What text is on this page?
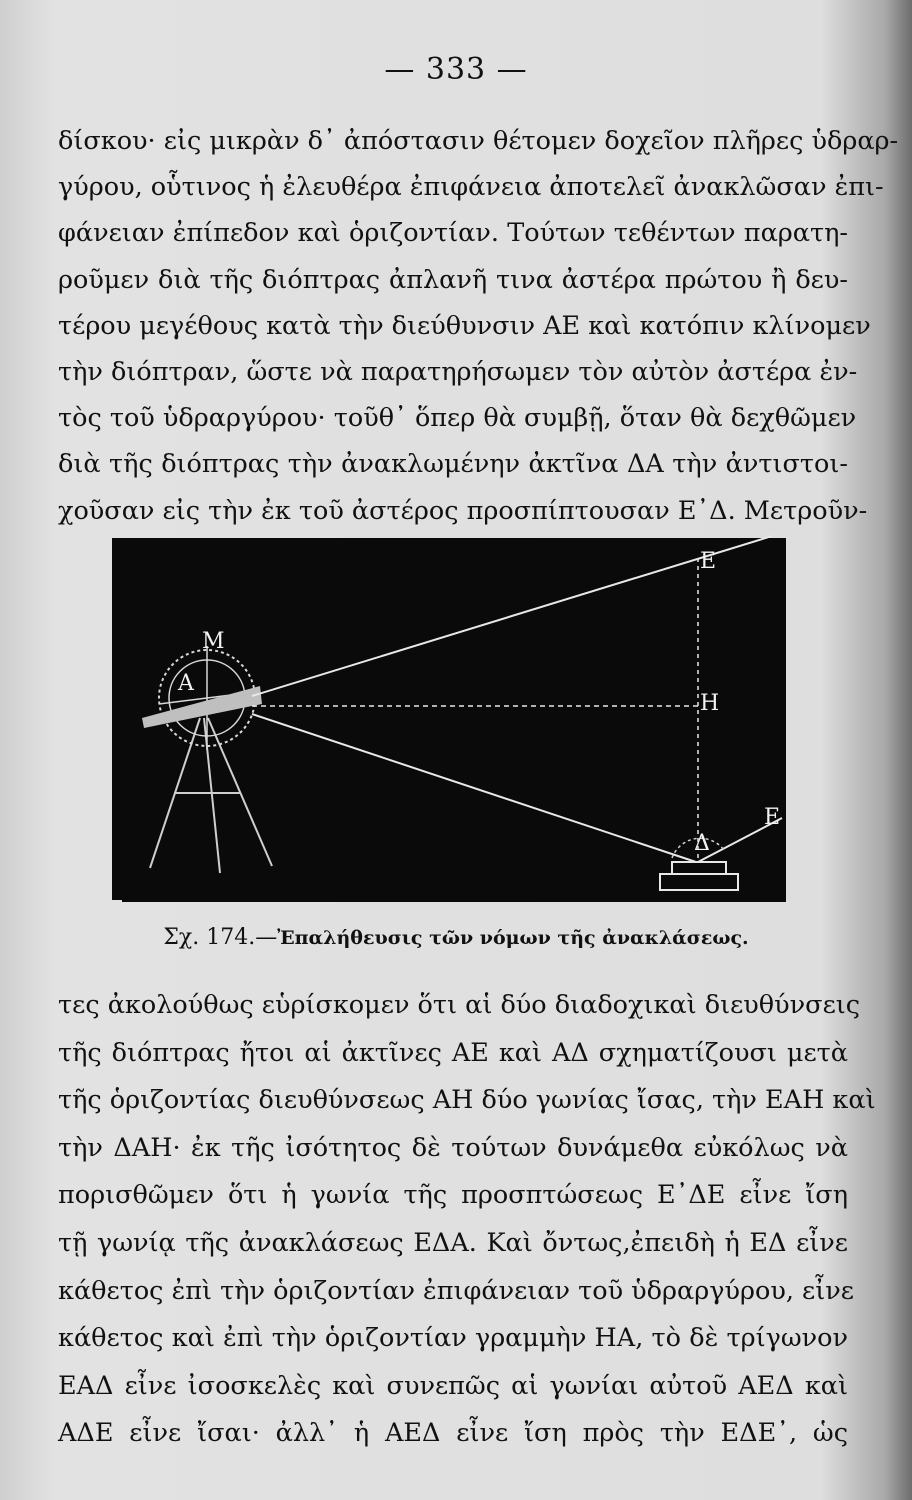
— 333 —
δίσκου· εἰς μικρὰν δ᾽ ἀπόστασιν θέτομεν δοχεῖον πλῆρες ὑδραρ-
γύρου, οὗτινος ἡ ἐλευθέρα ἐπιφάνεια ἀποτελεῖ ἀνακλῶσαν ἐπι-
φάνειαν ἐπίπεδον καὶ ὁριζοντίαν. Τούτων τεθέντων παρατη-
ροῦμεν διὰ τῆς διόπτρας ἀπλανῆ τινα ἀστέρα πρώτου ἢ δευ-
τέρου μεγέθους κατὰ τὴν διεύθυνσιν ΑΕ καὶ κατόπιν κλίνομεν
τὴν διόπτραν, ὥστε νὰ παρατηρήσωμεν τὸν αὐτὸν ἀστέρα ἐν-
τὸς τοῦ ὑδραργύρου· τοῦθ᾽ ὅπερ θὰ συμβῇ, ὅταν θὰ δεχθῶμεν
διὰ τῆς διόπτρας τὴν ἀνακλωμένην ἀκτῖνα ΔΑ τὴν ἀντιστοι-
χοῦσαν εἰς τὴν ἐκ τοῦ ἀστέρος προσπίπτουσαν Ε᾽Δ. Μετροῦν-
Μ
Α
Ε
Η
Ε
Δ
Σχ. 174.—Ἐπαλήθευσις τῶν νόμων τῆς ἀνακλάσεως.
τες ἀκολούθως εὑρίσκομεν ὅτι αἱ δύο διαδοχικαὶ διευθύνσεις
τῆς διόπτρας ἤτοι αἱ ἀκτῖνες ΑΕ καὶ ΑΔ σχηματίζουσι μετὰ
τῆς ὁριζοντίας διευθύνσεως ΑΗ δύο γωνίας ἴσας, τὴν ΕΑΗ καὶ
τὴν ΔΑΗ· ἐκ τῆς ἰσότητος δὲ τούτων δυνάμεθα εὐκόλως νὰ
πορισθῶμεν ὅτι ἡ γωνία τῆς προσπτώσεως Ε᾽ΔΕ εἶνε ἴση
τῇ γωνίᾳ τῆς ἀνακλάσεως ΕΔΑ. Καὶ ὄντως,ἐπειδὴ ἡ ΕΔ εἶνε
κάθετος ἐπὶ τὴν ὁριζοντίαν ἐπιφάνειαν τοῦ ὑδραργύρου, εἶνε
κάθετος καὶ ἐπὶ τὴν ὁριζοντίαν γραμμὴν ΗΑ, τὸ δὲ τρίγωνον
ΕΑΔ εἶνε ἰσοσκελὲς καὶ συνεπῶς αἱ γωνίαι αὐτοῦ ΑΕΔ καὶ
ΑΔΕ εἶνε ἴσαι· ἀλλ᾽ ἡ ΑΕΔ εἶνε ἴση πρὸς τὴν ΕΔΕ᾽, ὡς
